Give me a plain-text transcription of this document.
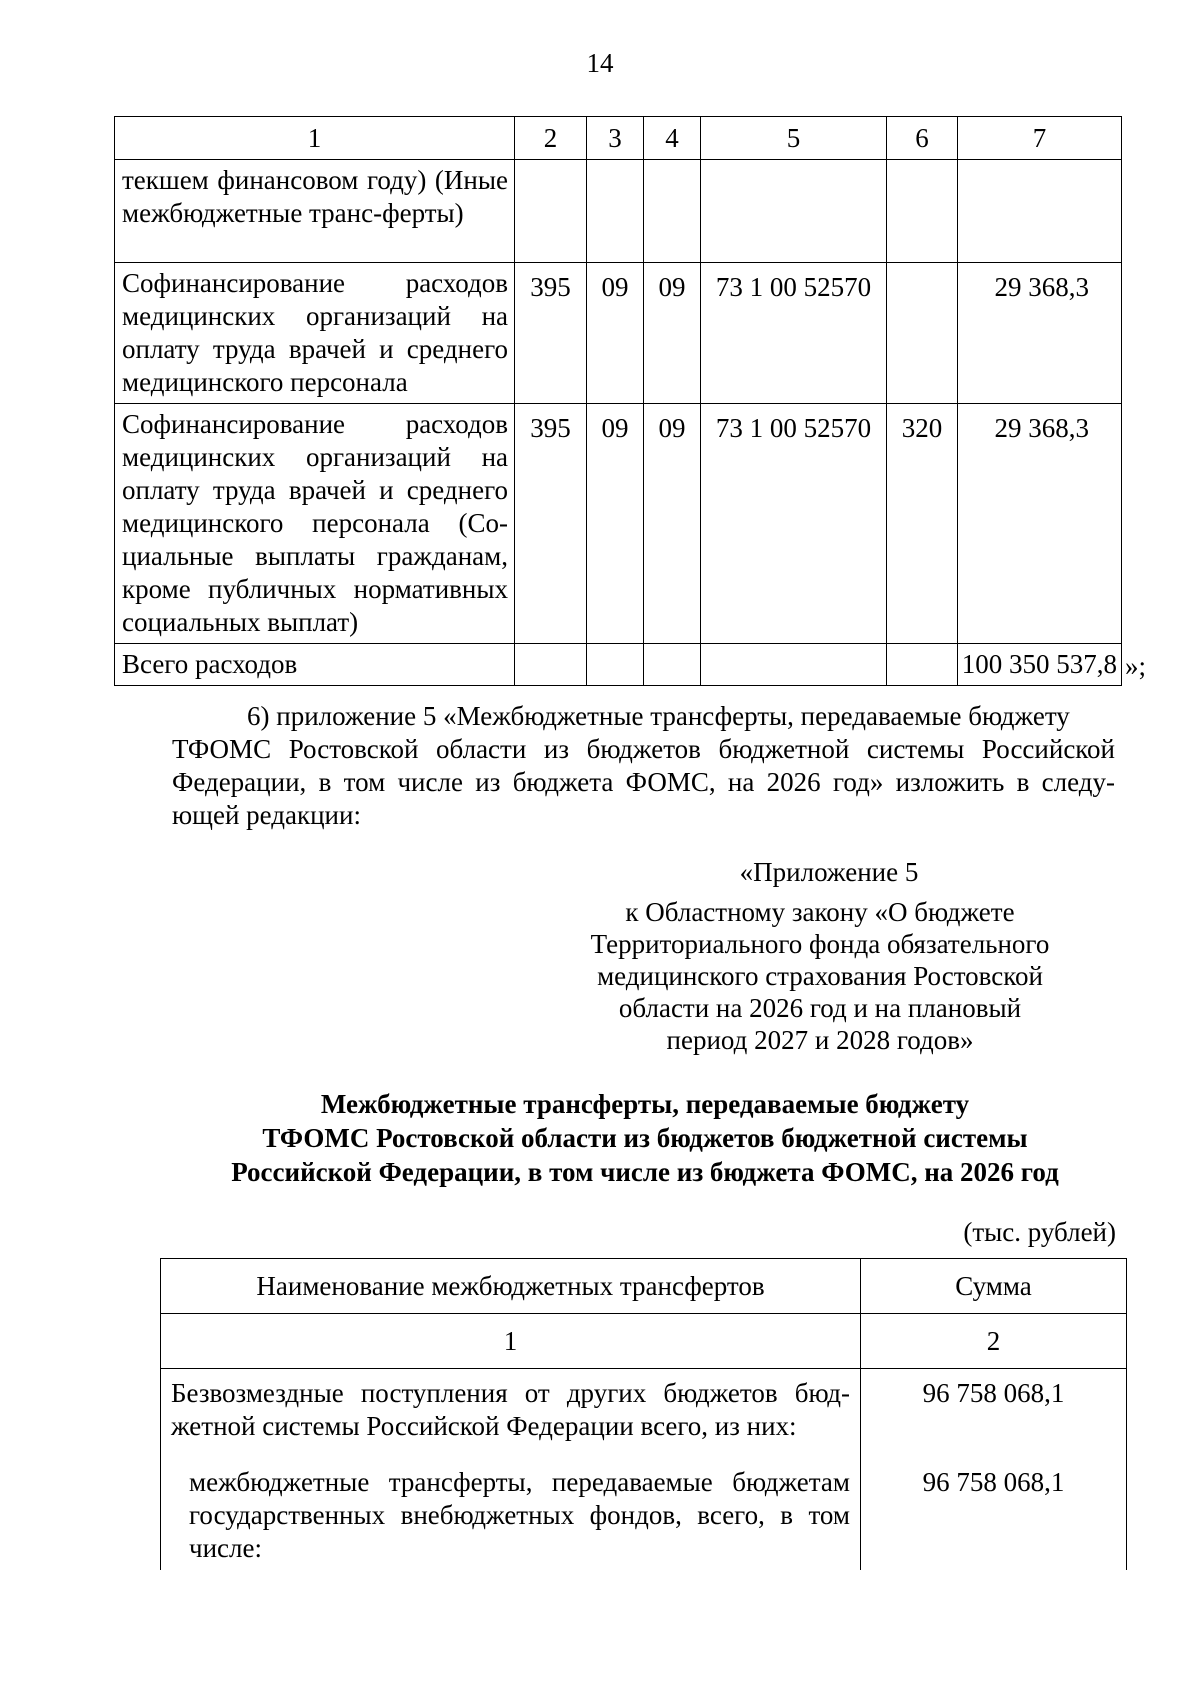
14
1	2	3	4	5	6	7
текшем финансовом году) (Иные межбюджетные транс-ферты)						
Софинансирование расходов медицинских организаций на оплату труда врачей и среднего медицинского персонала	395	09	09	73 1 00 52570		29 368,3
Софинансирование расходов медицинских организаций на оплату труда врачей и среднего медицинского персонала (Со-циальные выплаты гражданам, кроме публичных нормативных социальных выплат)	395	09	09	73 1 00 52570	320	29 368,3
Всего расходов						100 350 537,8 »;
6) приложение 5 «Межбюджетные трансферты, передаваемые бюджету
ТФОМС Ростовской области из бюджетов бюджетной системы Российской Федерации, в том числе из бюджета ФОМС, на 2026 год» изложить в следу-ющей редакции:
«Приложение 5
к Областному закону «О бюджете
Территориального фонда обязательного
медицинского страхования Ростовской
области на 2026 год и на плановый
период 2027 и 2028 годов»
Межбюджетные трансферты, передаваемые бюджету
ТФОМС Ростовской области из бюджетов бюджетной системы
Российской Федерации, в том числе из бюджета ФОМС, на 2026 год
(тыс. рублей)
Наименование межбюджетных трансфертов	Сумма
1	2
Безвозмездные поступления от других бюджетов бюд-жетной системы Российской Федерации всего, из них:	96 758 068,1
межбюджетные трансферты, передаваемые бюджетам государственных внебюджетных фондов, всего, в том числе:	96 758 068,1
